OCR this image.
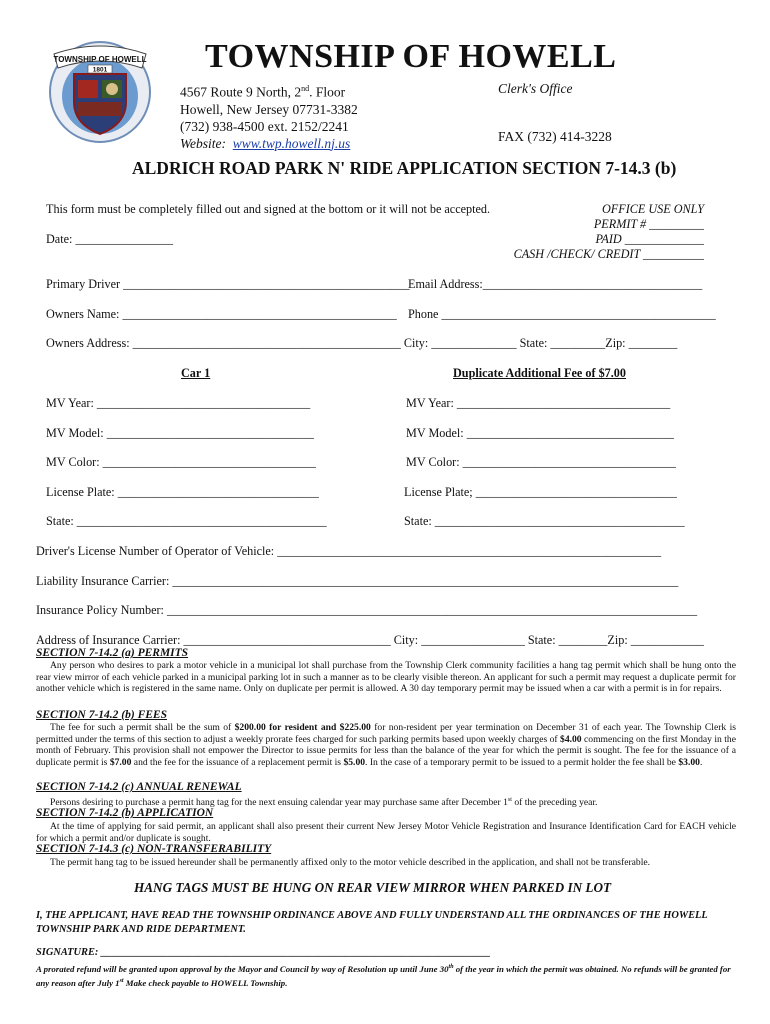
TOWNSHIP OF HOWELL
1801	TOWNSHIP OF HOWELL
4567 Route 9 North, 2nd. Floor
Howell, New Jersey 07731-3382
(732) 938-4500 ext. 2152/2241
Website: www.twp.howell.nj.us
Clerk's Office
FAX (732) 414-3228
ALDRICH ROAD PARK N' RIDE APPLICATION SECTION 7-14.3 (b)
This form must be completely filled out and signed at the bottom or it will not be accepted.
Date: ________________
OFFICE USE ONLY
PERMIT # _________
PAID _____________
CASH /CHECK/ CREDIT __________
Primary Driver _______________________________________________
Email Address:____________________________________
Owners Name: _____________________________________________ Phone _____________________________________________
Owners Address: ____________________________________________ City: ______________ State: _________Zip: ________
Car 1	Duplicate Additional Fee of $7.00
MV Year: ___________________________________
MV Model: __________________________________
MV Color: ___________________________________
License Plate: _________________________________
State: _________________________________________
MV Year: ___________________________________
MV Model: __________________________________
MV Color: ___________________________________
License Plate; _________________________________
State: _________________________________________
Driver's License Number of Operator of Vehicle: _______________________________________________________________
Liability Insurance Carrier: ___________________________________________________________________________________
Insurance Policy Number: _______________________________________________________________________________________
Address of Insurance Carrier: __________________________________ City: _________________ State: ________Zip: ____________
SECTION 7-14.2 (a) PERMITS
Any person who desires to park a motor vehicle in a municipal lot shall purchase from the Township Clerk community facilities a hang tag permit which shall be hung onto the rear view mirror of each vehicle parked in a municipal parking lot in such a manner as to be clearly visible thereon. An applicant for such a permit may request a duplicate permit for another vehicle which is registered in the same name. Only on duplicate per permit is allowed. A 30 day temporary permit may be issued when a car with a permit is in for repairs.
SECTION 7-14.2 (b) FEES
The fee for such a permit shall be the sum of $200.00 for resident and $225.00 for non-resident per year termination on December 31 of each year. The Township Clerk is permitted under the terms of this section to adjust a weekly prorate fees charged for such parking permits based upon weekly charges of $4.00 commencing on the first Monday in the month of February. This provision shall not empower the Director to issue permits for less than the balance of the year for which the permit is sought. The fee for the issuance of a duplicate permit is $7.00 and the fee for the issuance of a replacement permit is $5.00. In the case of a temporary permit to be issued to a permit holder the fee shall be $3.00.
SECTION 7-14.2 (c) ANNUAL RENEWAL
Persons desiring to purchase a permit hang tag for the next ensuing calendar year may purchase same after December 1st of the preceding year.
SECTION 7-14.2 (b) APPLICATION
At the time of applying for said permit, an applicant shall also present their current New Jersey Motor Vehicle Registration and Insurance Identification Card for EACH vehicle for which a permit and/or duplicate is sought.
SECTION 7-14.3 (c) NON-TRANSFERABILITY
The permit hang tag to be issued hereunder shall be permanently affixed only to the motor vehicle described in the application, and shall not be transferable.
HANG TAGS MUST BE HUNG ON REAR VIEW MIRROR WHEN PARKED IN LOT
I, THE APPLICANT, HAVE READ THE TOWNSHIP ORDINANCE ABOVE AND FULLY UNDERSTAND ALL THE ORDINANCES OF THE HOWELL TOWNSHIP PARK AND RIDE DEPARTMENT.
SIGNATURE: ___________________________________________________________________________
A prorated refund will be granted upon approval by the Mayor and Council by way of Resolution up until June 30th of the year in which the permit was obtained. No refunds will be granted for any reason after July 1st Make check payable to HOWELL Township.
